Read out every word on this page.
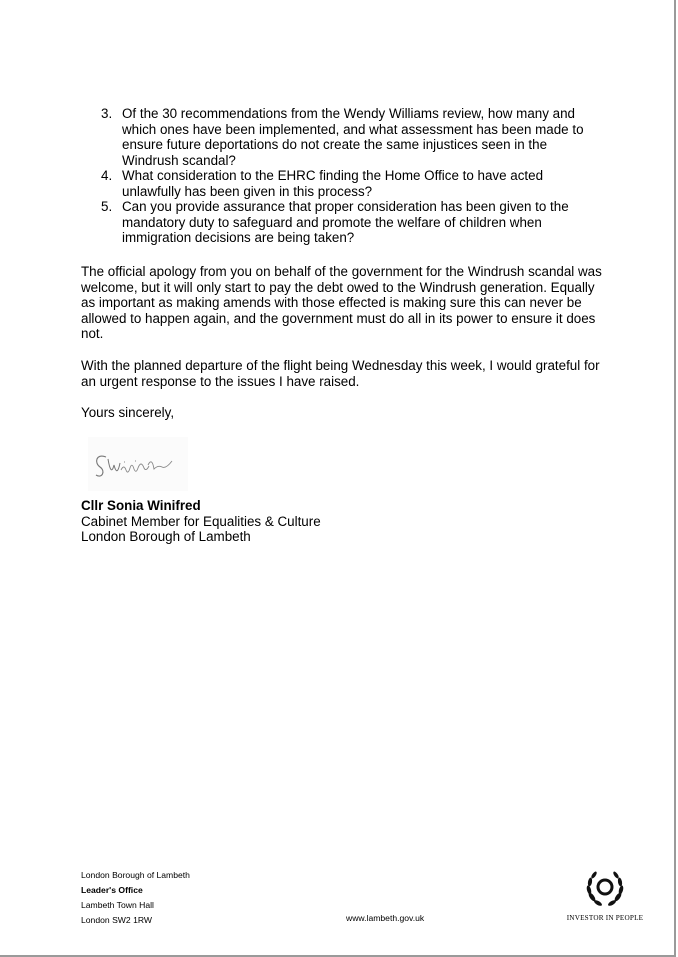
3. Of the 30 recommendations from the Wendy Williams review, how many and which ones have been implemented, and what assessment has been made to ensure future deportations do not create the same injustices seen in the Windrush scandal?
4. What consideration to the EHRC finding the Home Office to have acted unlawfully has been given in this process?
5. Can you provide assurance that proper consideration has been given to the mandatory duty to safeguard and promote the welfare of children when immigration decisions are being taken?

The official apology from you on behalf of the government for the Windrush scandal was welcome, but it will only start to pay the debt owed to the Windrush generation. Equally as important as making amends with those effected is making sure this can never be allowed to happen again, and the government must do all in its power to ensure it does not.

With the planned departure of the flight being Wednesday this week, I would grateful for an urgent response to the issues I have raised.

Yours sincerely,

Cllr Sonia Winifred
Cabinet Member for Equalities & Culture
London Borough of Lambeth
London Borough of Lambeth
Leader's Office
Lambeth Town Hall
London SW2 1RW	www.lambeth.gov.uk	INVESTOR IN PEOPLE
